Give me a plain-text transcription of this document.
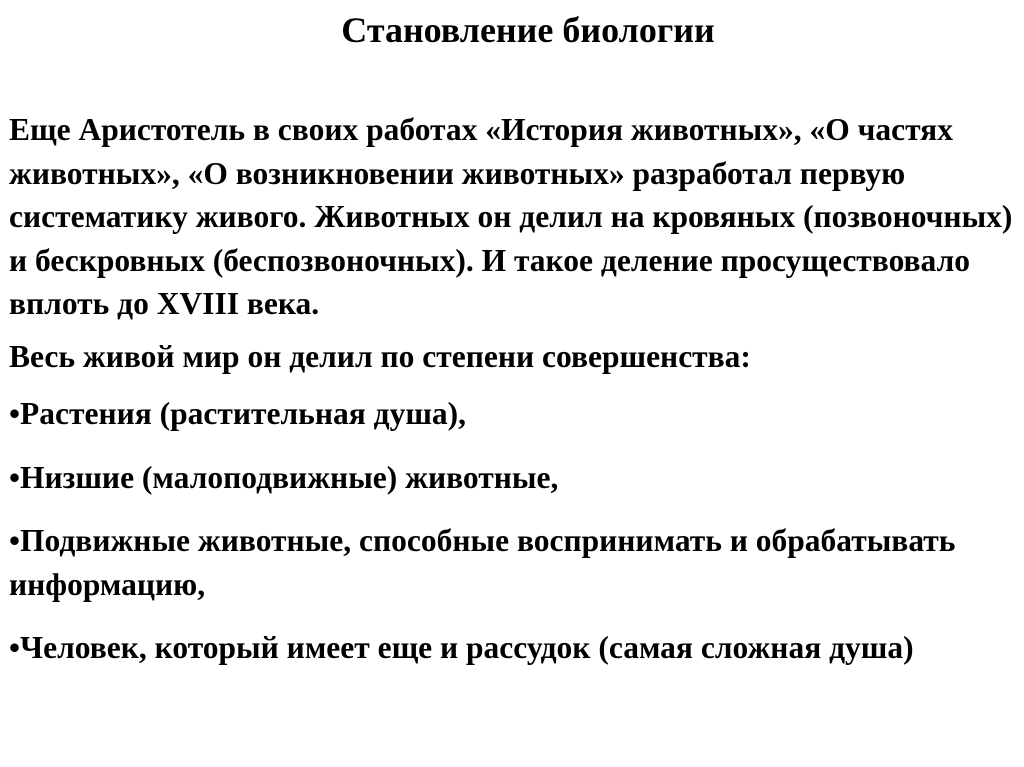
Становление биологии

Еще Аристотель в своих работах «История животных», «О частях животных», «О возникновении животных» разработал первую систематику живого. Животных он делил на кровяных (позвоночных) и бескровных (беспозвоночных). И такое деление просуществовало вплоть до XVIII века.

Весь живой мир он делил по степени совершенства:

•Растения (растительная душа),

•Низшие (малоподвижные) животные,

•Подвижные животные, способные воспринимать и обрабатывать информацию,

•Человек, который имеет еще и рассудок (самая сложная душа)
